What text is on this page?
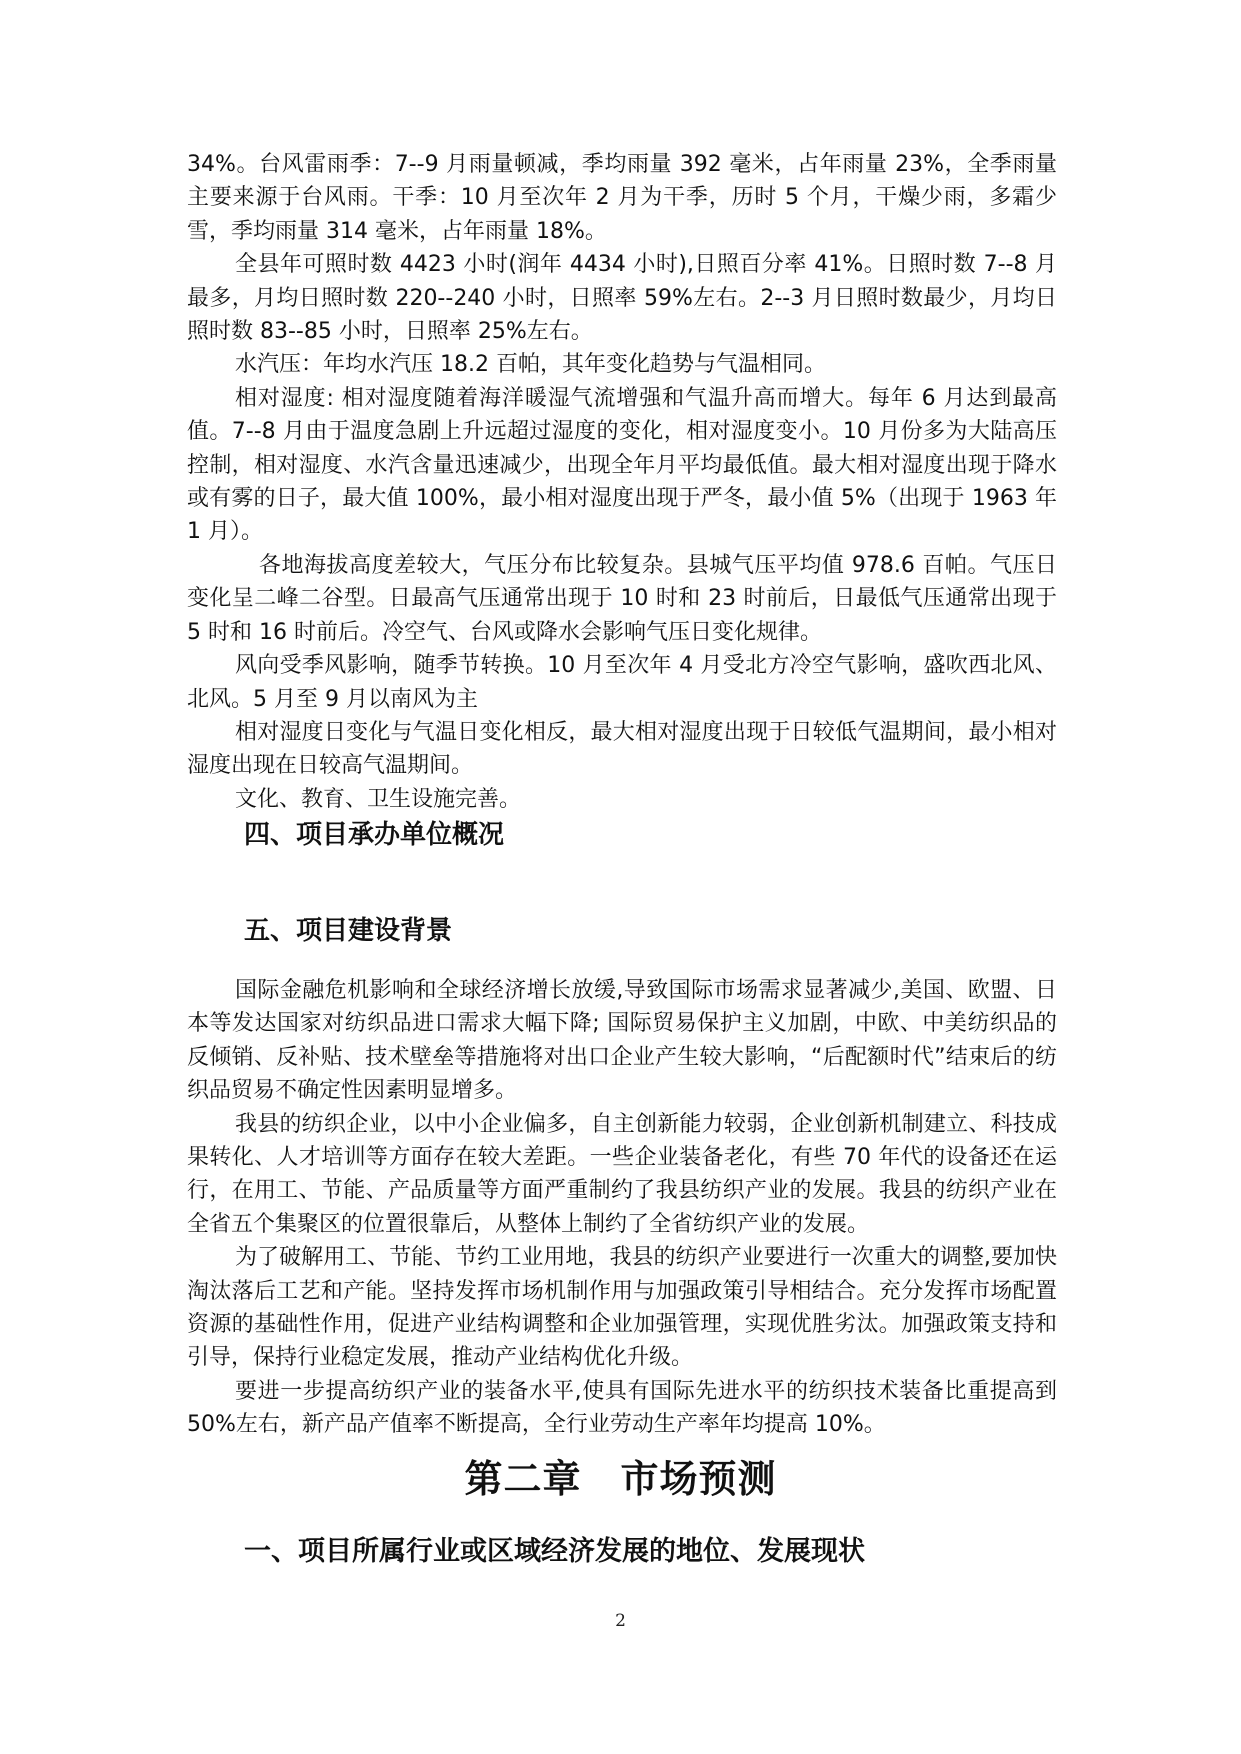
34%。台风雷雨季：7--9 月雨量顿减，季均雨量 392 毫米，占年雨量 23%，全季雨量主要来源于台风雨。干季：10 月至次年 2 月为干季，历时 5 个月，干燥少雨，多霜少雪，季均雨量 314 毫米，占年雨量 18%。

全县年可照时数 4423 小时(润年 4434 小时),日照百分率 41%。日照时数 7--8 月最多，月均日照时数 220--240 小时，日照率 59%左右。2--3 月日照时数最少，月均日照时数 83--85 小时，日照率 25%左右。

水汽压：年均水汽压 18.2 百帕，其年变化趋势与气温相同。

相对湿度: 相对湿度随着海洋暖湿气流增强和气温升高而增大。每年 6 月达到最高值。7--8 月由于温度急剧上升远超过湿度的变化，相对湿度变小。10 月份多为大陆高压控制，相对湿度、水汽含量迅速减少，出现全年月平均最低值。最大相对湿度出现于降水或有雾的日子，最大值 100%，最小相对湿度出现于严冬，最小值 5%（出现于 1963 年 1 月）。

各地海拔高度差较大，气压分布比较复杂。县城气压平均值 978.6 百帕。气压日变化呈二峰二谷型。日最高气压通常出现于 10 时和 23 时前后，日最低气压通常出现于 5 时和 16 时前后。冷空气、台风或降水会影响气压日变化规律。

风向受季风影响，随季节转换。10 月至次年 4 月受北方冷空气影响，盛吹西北风、北风。5 月至 9 月以南风为主

相对湿度日变化与气温日变化相反，最大相对湿度出现于日较低气温期间，最小相对湿度出现在日较高气温期间。

文化、教育、卫生设施完善。

四、项目承办单位概况
五、项目建设背景

国际金融危机影响和全球经济增长放缓,导致国际市场需求显著减少,美国、欧盟、日本等发达国家对纺织品进口需求大幅下降; 国际贸易保护主义加剧，中欧、中美纺织品的反倾销、反补贴、技术壁垒等措施将对出口企业产生较大影响，“后配额时代”结束后的纺织品贸易不确定性因素明显增多。

我县的纺织企业，以中小企业偏多，自主创新能力较弱，企业创新机制建立、科技成果转化、人才培训等方面存在较大差距。一些企业装备老化，有些 70 年代的设备还在运行，在用工、节能、产品质量等方面严重制约了我县纺织产业的发展。我县的纺织产业在全省五个集聚区的位置很靠后，从整体上制约了全省纺织产业的发展。

为了破解用工、节能、节约工业用地，我县的纺织产业要进行一次重大的调整,要加快淘汰落后工艺和产能。坚持发挥市场机制作用与加强政策引导相结合。充分发挥市场配置资源的基础性作用，促进产业结构调整和企业加强管理，实现优胜劣汰。加强政策支持和引导，保持行业稳定发展，推动产业结构优化升级。

要进一步提高纺织产业的装备水平,使具有国际先进水平的纺织技术装备比重提高到 50%左右，新产品产值率不断提高，全行业劳动生产率年均提高 10%。

第二章　市场预测
一、项目所属行业或区域经济发展的地位、发展现状
2
